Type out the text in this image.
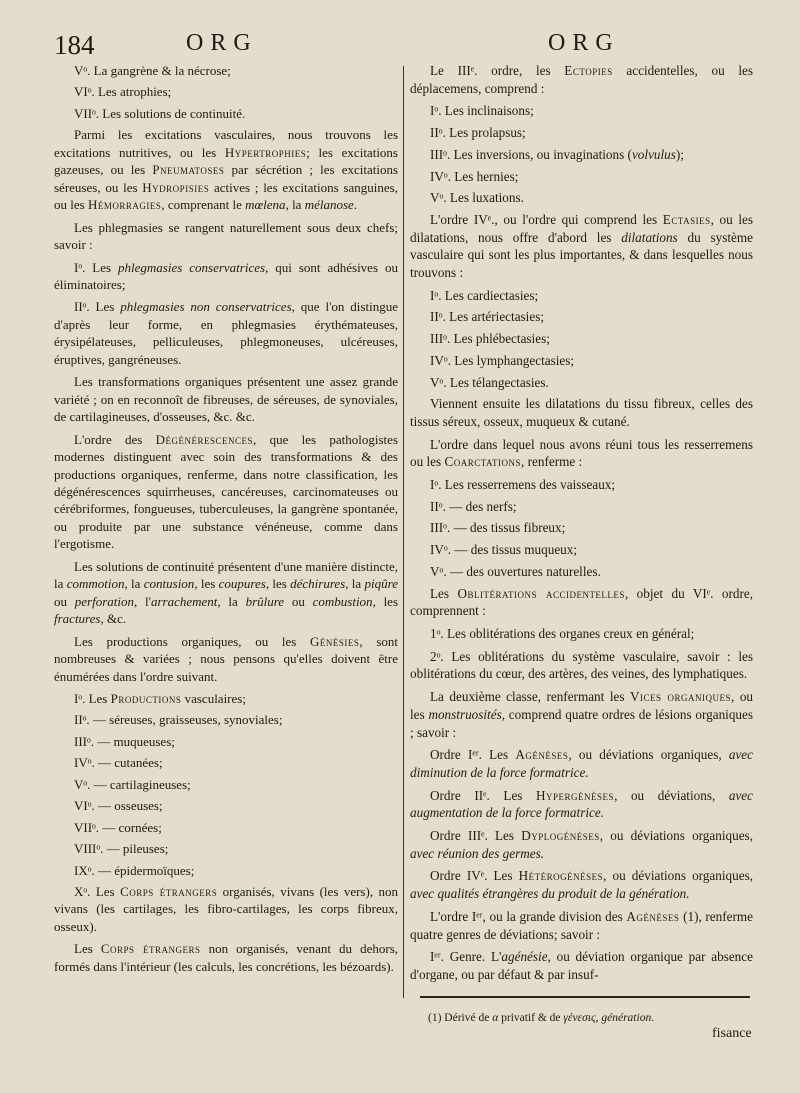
184	ORG	ORG

Vᵒ. La gangrène & la nécrose;

VIᵒ. Les atrophies;

VIIᵒ. Les solutions de continuité.

Parmi les excitations vasculaires, nous trouvons les excitations nutritives, ou les Hypertrophies; les excitations gazeuses, ou les Pneumatoses par sécrétion ; les excitations séreuses, ou les Hydropisies actives ; les excitations sanguines, ou les Hémorragies, comprenant le mœlena, la mélanose.

Les phlegmasies se rangent naturellement sous deux chefs; savoir :

Iᵒ. Les phlegmasies conservatrices, qui sont adhésives ou éliminatoires;

IIᵒ. Les phlegmasies non conservatrices, que l'on distingue d'après leur forme, en phlegmasies érythémateuses, érysipélateuses, pelliculeuses, phlegmoneuses, ulcéreuses, éruptives, gangréneuses.

Les transformations organiques présentent une assez grande variété ; on en reconnoît de fibreuses, de séreuses, de synoviales, de cartilagineuses, d'osseuses, &c. &c.

L'ordre des Dégénérescences, que les pathologistes modernes distinguent avec soin des transformations & des productions organiques, renferme, dans notre classification, les dégénérescences squirrheuses, cancéreuses, carcinomateuses ou cérébriformes, fongueuses, tuberculeuses, la gangrène spontanée, ou produite par une substance vénéneuse, comme dans l'ergotisme.

Les solutions de continuité présentent d'une manière distincte, la commotion, la contusion, les coupures, les déchirures, la piqûre ou perforation, l'arrachement, la brûlure ou combustion, les fractures, &c.

Les productions organiques, ou les Génésies, sont nombreuses & variées ; nous pensons qu'elles doivent être énumérées dans l'ordre suivant.

Iᵒ. Les Productions vasculaires;

IIᵒ. — séreuses, graisseuses, synoviales;

IIIᵒ. — muqueuses;

IVᵒ. — cutanées;

Vᵒ. — cartilagineuses;

VIᵒ. — osseuses;

VIIᵒ. — cornées;

VIIIᵒ. — pileuses;

IXᵒ. — épidermoïques;

Xᵒ. Les Corps étrangers organisés, vivans (les vers), non vivans (les cartilages, les fibro-cartilages, les corps fibreux, osseux).

Les Corps étrangers non organisés, venant du dehors, formés dans l'intérieur (les calculs, les concrétions, les bézoards).

Le IIIᵉ. ordre, les Ectopies accidentelles, ou les déplacemens, comprend :

Iᵒ. Les inclinaisons;

IIᵒ. Les prolapsus;

IIIᵒ. Les inversions, ou invaginations (volvulus);

IVᵒ. Les hernies;

Vᵒ. Les luxations.

L'ordre IVᵉ., ou l'ordre qui comprend les Ectasies, ou les dilatations, nous offre d'abord les dilatations du système vasculaire qui sont les plus importantes, & dans lesquelles nous trouvons :

Iᵒ. Les cardiectasies;

IIᵒ. Les artériectasies;

IIIᵒ. Les phlébectasies;

IVᵒ. Les lymphangectasies;

Vᵒ. Les télangectasies.

Viennent ensuite les dilatations du tissu fibreux, celles des tissus séreux, osseux, muqueux & cutané.

L'ordre dans lequel nous avons réuni tous les resserremens ou les Coarctations, renferme :

Iᵒ. Les resserremens des vaisseaux;

IIᵒ. — des nerfs;

IIIᵒ. — des tissus fibreux;

IVᵒ. — des tissus muqueux;

Vᵒ. — des ouvertures naturelles.

Les Oblitérations accidentelles, objet du VIᵉ. ordre, comprennent :

1ᵒ. Les oblitérations des organes creux en général;

2ᵒ. Les oblitérations du système vasculaire, savoir : les oblitérations du cœur, des artères, des veines, des lymphatiques.

La deuxième classe, renfermant les Vices organiques, ou les monstruosités, comprend quatre ordres de lésions organiques ; savoir :

Ordre Iᵉʳ. Les Agénèses, ou déviations organiques, avec diminution de la force formatrice.

Ordre IIᵉ. Les Hypergénèses, ou déviations, avec augmentation de la force formatrice.

Ordre IIIᵉ. Les Dyplogénèses, ou déviations organiques, avec réunion des germes.

Ordre IVᵉ. Les Hétérogénèses, ou déviations organiques, avec qualités étrangères du produit de la génération.

L'ordre Iᵉʳ, ou la grande division des Agénèses (1), renferme quatre genres de déviations; savoir :

Iᵉʳ. Genre. L'agénésie, ou déviation organique par absence d'organe, ou par défaut & par insuf-

(1) Dérivé de α privatif & de γένεσις, génération.
fisance
